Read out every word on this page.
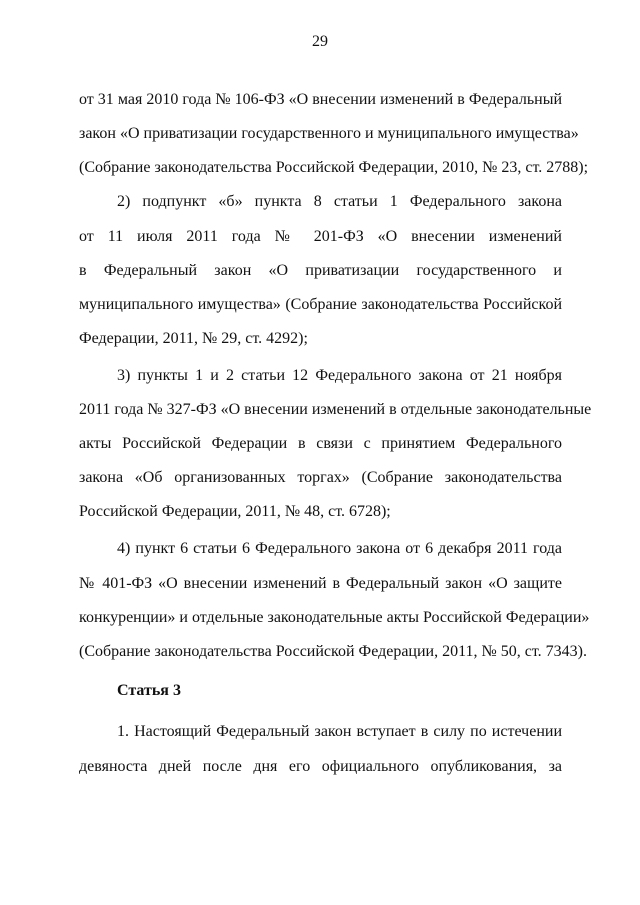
29
от 31 мая 2010 года № 106-ФЗ «О внесении изменений в Федеральный
закон «О приватизации государственного и муниципального имущества»
(Собрание законодательства Российской Федерации, 2010, № 23, ст. 2788);
2) подпункт «б» пункта 8 статьи 1 Федерального закона
от 11 июля 2011 года № 201-ФЗ «О внесении изменений
в Федеральный закон «О приватизации государственного и
муниципального имущества» (Собрание законодательства Российской
Федерации, 2011, № 29, ст. 4292);
3) пункты 1 и 2 статьи 12 Федерального закона от 21 ноября
2011 года № 327-ФЗ «О внесении изменений в отдельные законодательные
акты Российской Федерации в связи с принятием Федерального
закона «Об организованных торгах» (Собрание законодательства
Российской Федерации, 2011, № 48, ст. 6728);
4) пункт 6 статьи 6 Федерального закона от 6 декабря 2011 года
№ 401-ФЗ «О внесении изменений в Федеральный закон «О защите
конкуренции» и отдельные законодательные акты Российской Федерации»
(Собрание законодательства Российской Федерации, 2011, № 50, ст. 7343).
Статья 3
1. Настоящий Федеральный закон вступает в силу по истечении
девяноста дней после дня его официального опубликования, за
